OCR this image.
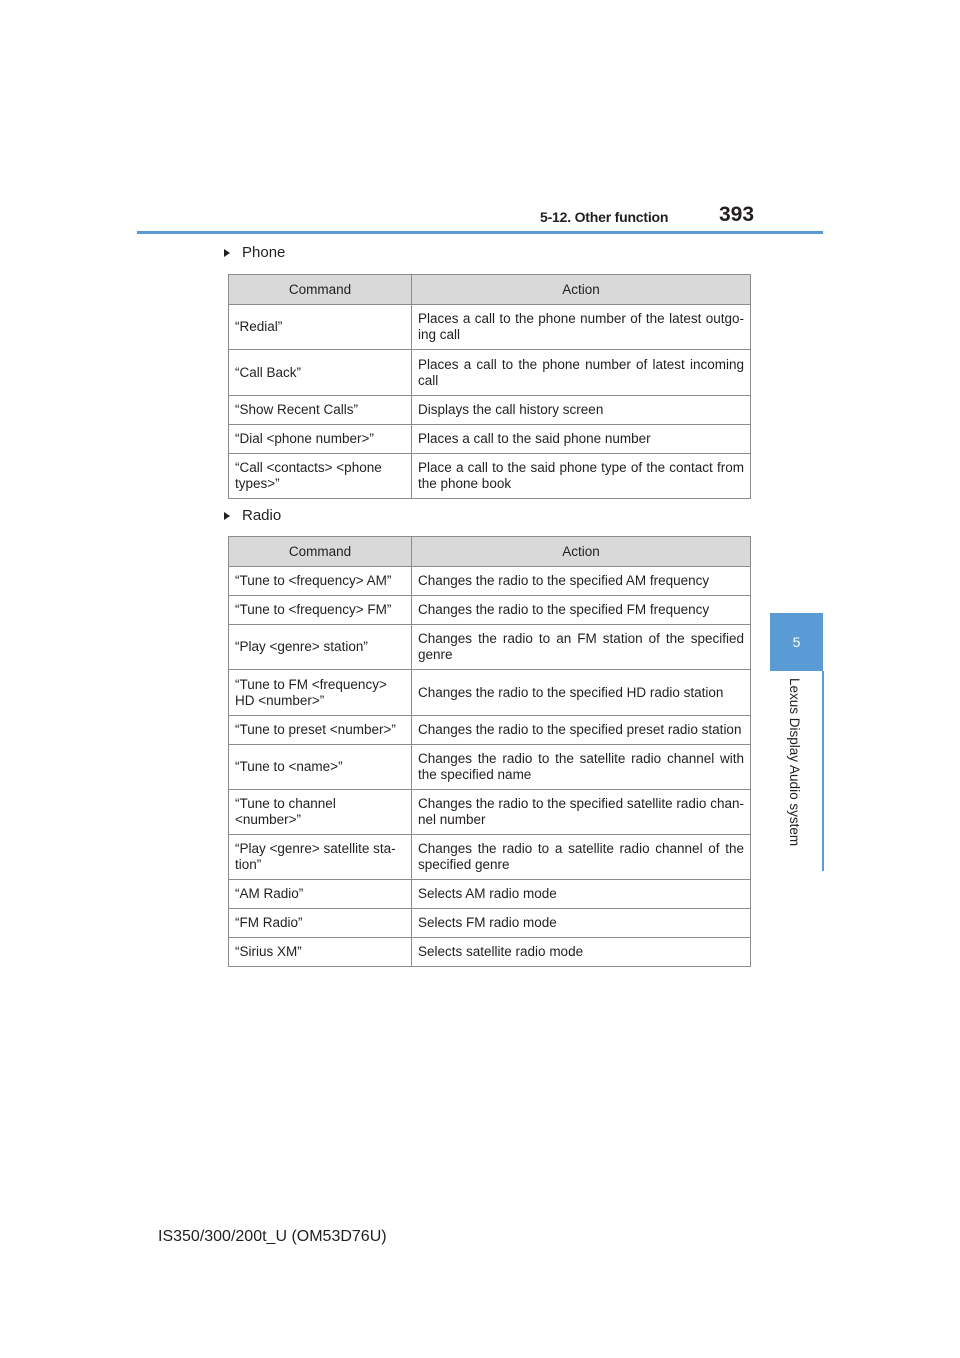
5-12. Other function 393
5
Lexus Display Audio system
Phone
Command	Action
“Redial”	Places a call to the phone number of the latest outgo-ing call
“Call Back”	Places a call to the phone number of latest incoming call
“Show Recent Calls”	Displays the call history screen
“Dial <phone number>”	Places a call to the said phone number
“Call <contacts> <phone types>”	Place a call to the said phone type of the contact from the phone book
Radio
Command	Action
“Tune to <frequency> AM”	Changes the radio to the specified AM frequency
“Tune to <frequency> FM”	Changes the radio to the specified FM frequency
“Play <genre> station”	Changes the radio to an FM station of the specified genre
“Tune to FM <frequency> HD <number>”	Changes the radio to the specified HD radio station
“Tune to preset <number>”	Changes the radio to the specified preset radio station
“Tune to <name>”	Changes the radio to the satellite radio channel with the specified name
“Tune to channel <number>”	Changes the radio to the specified satellite radio chan-nel number
“Play <genre> satellite sta-tion”	Changes the radio to a satellite radio channel of the specified genre
“AM Radio”	Selects AM radio mode
“FM Radio”	Selects FM radio mode
“Sirius XM”	Selects satellite radio mode
IS350/300/200t_U (OM53D76U)
